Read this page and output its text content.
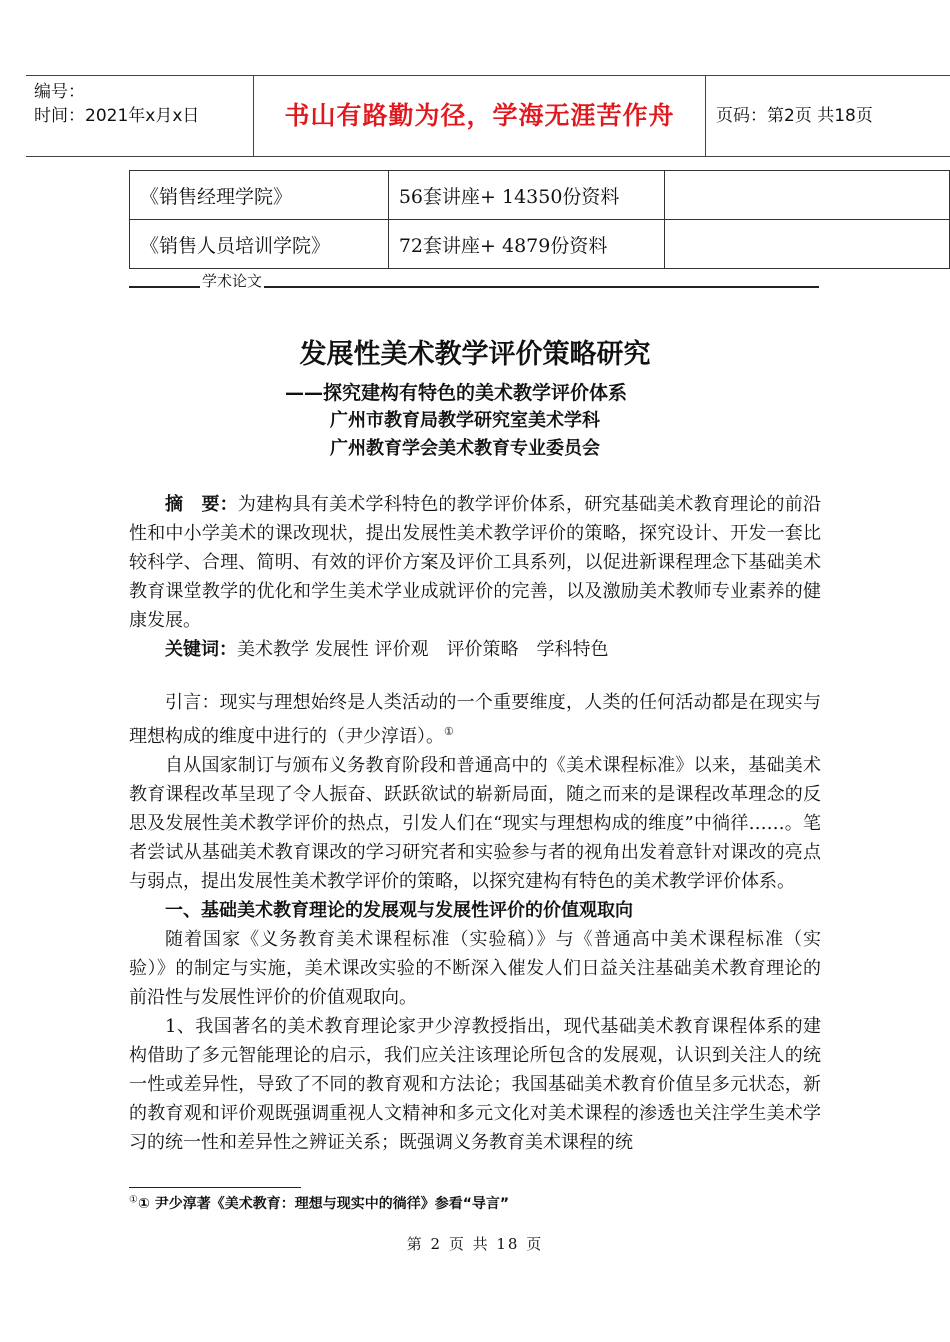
编号：
时间：2021年x月x日	书山有路勤为径，学海无涯苦作舟	页码：第2页 共18页
《销售经理学院》	56套讲座+ 14350份资料	
《销售人员培训学院》	72套讲座+ 4879份资料	
学术论文
发展性美术教学评价策略研究
——探究建构有特色的美术教学评价体系
广州市教育局教学研究室美术学科
广州教育学会美术教育专业委员会

摘　要：为建构具有美术学科特色的教学评价体系，研究基础美术教育理论的前沿性和中小学美术的课改现状，提出发展性美术教学评价的策略，探究设计、开发一套比较科学、合理、简明、有效的评价方案及评价工具系列，以促进新课程理念下基础美术教育课堂教学的优化和学生美术学业成就评价的完善，以及激励美术教师专业素养的健康发展。

关键词：美术教学 发展性 评价观　评价策略　学科特色

引言：现实与理想始终是人类活动的一个重要维度，人类的任何活动都是在现实与理想构成的维度中进行的（尹少淳语）。①

自从国家制订与颁布义务教育阶段和普通高中的《美术课程标准》以来，基础美术教育课程改革呈现了令人振奋、跃跃欲试的崭新局面，随之而来的是课程改革理念的反思及发展性美术教学评价的热点，引发人们在“现实与理想构成的维度”中徜徉……。笔者尝试从基础美术教育课改的学习研究者和实验参与者的视角出发着意针对课改的亮点与弱点，提出发展性美术教学评价的策略，以探究建构有特色的美术教学评价体系。

一、基础美术教育理论的发展观与发展性评价的价值观取向

随着国家《义务教育美术课程标准（实验稿）》与《普通高中美术课程标准（实验）》的制定与实施，美术课改实验的不断深入催发人们日益关注基础美术教育理论的前沿性与发展性评价的价值观取向。

1、我国著名的美术教育理论家尹少淳教授指出，现代基础美术教育课程体系的建构借助了多元智能理论的启示，我们应关注该理论所包含的发展观，认识到关注人的统一性或差异性，导致了不同的教育观和方法论；我国基础美术教育价值呈多元状态，新的教育观和评价观既强调重视人文精神和多元文化对美术课程的渗透也关注学生美术学习的统一性和差异性之辨证关系；既强调义务教育美术课程的统

①① 尹少淳著《美术教育：理想与现实中的徜徉》参看“导言”
第 2 页 共 18 页
